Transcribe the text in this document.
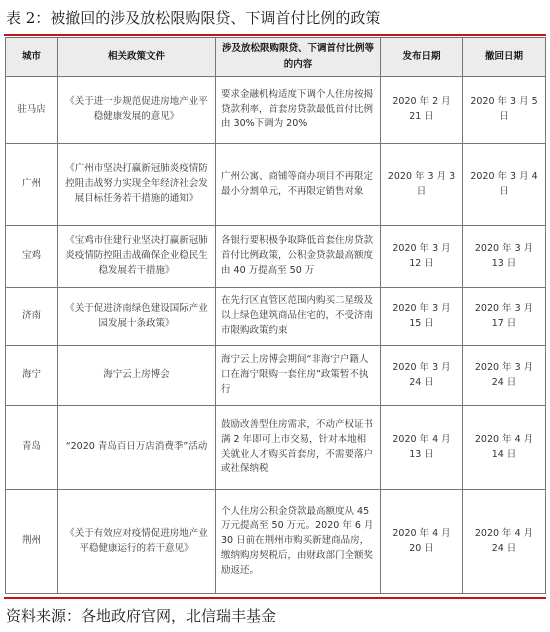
表 2：被撤回的涉及放松限购限贷、下调首付比例的政策
城市	相关政策文件	涉及放松限购限贷、下调首付比例等的内容	发布日期	撤回日期
驻马店	《关于进一步规范促进房地产业平稳健康发展的意见》	要求金融机构适度下调个人住房按揭贷款利率，首套房贷款最低首付比例由 30%下调为 20%	2020 年 2 月 21 日	2020 年 3 月 5 日
广州	《广州市坚决打赢新冠肺炎疫情防控阻击战努力实现全年经济社会发展目标任务若干措施的通知》	广州公寓、商铺等商办项目不再限定最小分割单元，不再限定销售对象	2020 年 3 月 3 日	2020 年 3 月 4 日
宝鸡	《宝鸡市住建行业坚决打赢新冠肺炎疫情防控阻击战确保企业稳民生稳发展若干措施》	各银行要积极争取降低首套住房贷款首付比例政策，公积金贷款最高额度由 40 万提高至 50 万	2020 年 3 月 12 日	2020 年 3 月 13 日
济南	《关于促进济南绿色建设国际产业园发展十条政策》	在先行区直管区范围内购买二星级及以上绿色建筑商品住宅的，不受济南市限购政策约束	2020 年 3 月 15 日	2020 年 3 月 17 日
海宁	海宁云上房博会	海宁云上房博会期间“非海宁户籍人口在海宁限购一套住房”政策暂不执行	2020 年 3 月 24 日	2020 年 3 月 24 日
青岛	“2020 青岛百日万店消费季”活动	鼓励改善型住房需求，不动产权证书满 2 年即可上市交易，针对本地相关就业人才购买首套房，不需要落户或社保纳税	2020 年 4 月 13 日	2020 年 4 月 14 日
荆州	《关于有效应对疫情促进房地产业平稳健康运行的若干意见》	个人住房公积金贷款最高额度从 45 万元提高至 50 万元。2020 年 6 月 30 日前在荆州市购买新建商品房，缴纳购房契税后，由财政部门全额奖励返还。	2020 年 4 月 20 日	2020 年 4 月 24 日
资料来源：各地政府官网，北信瑞丰基金
